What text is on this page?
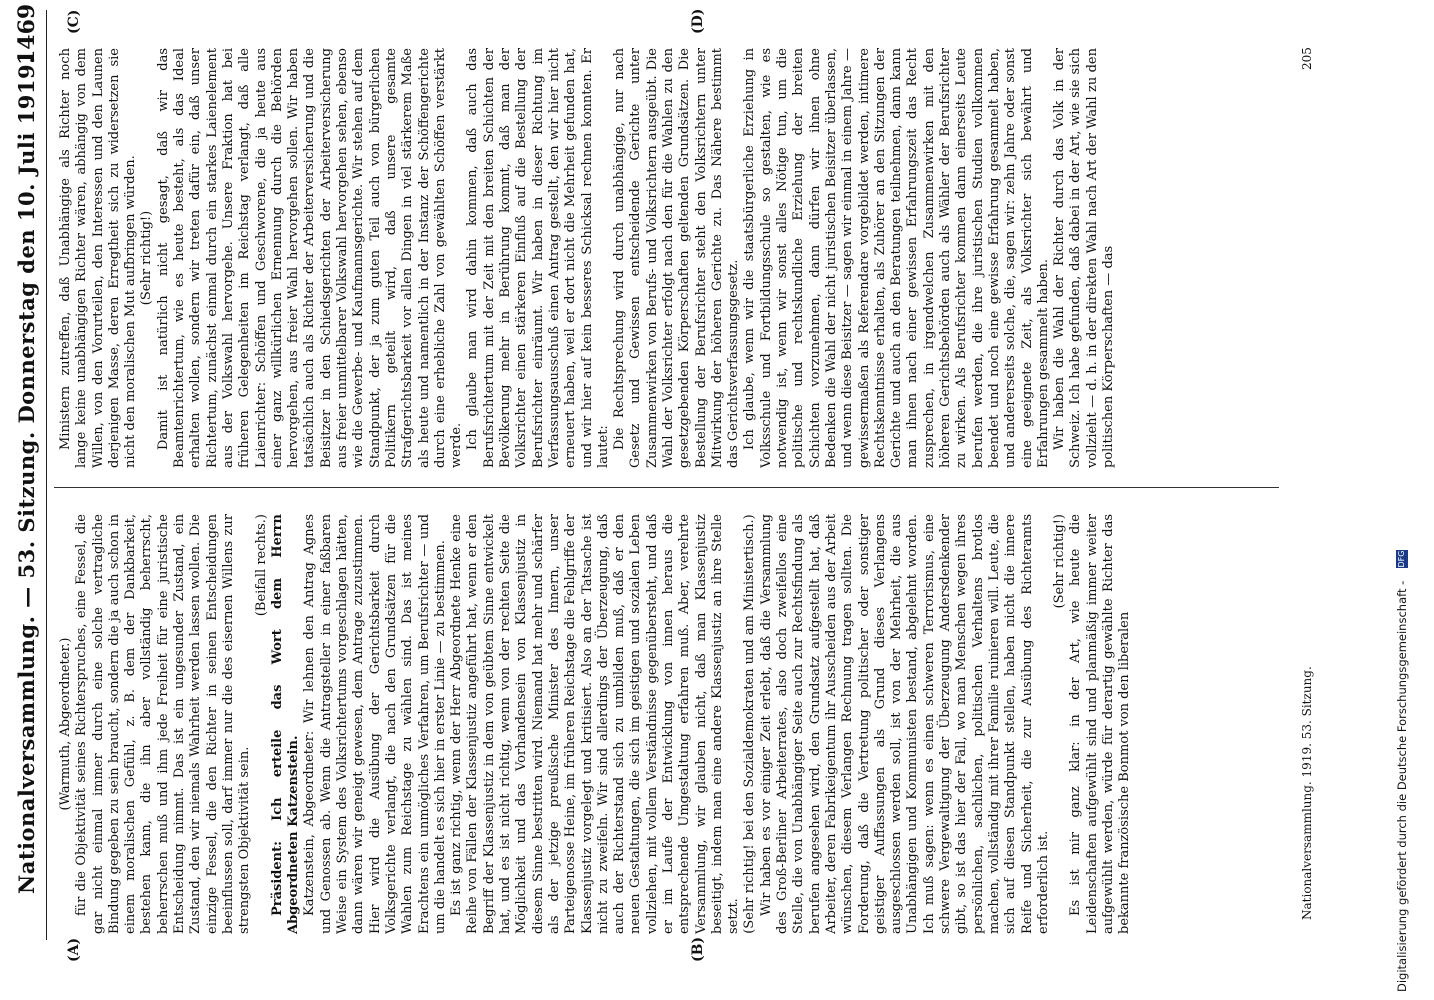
Nationalversammlung. — 53. Sitzung. Donnerstag den 10. Juli 1919.
1469
(A)	(B)
(C)	(D)

(Warmuth, Abgeordneter.) für die Objektivität seines Richterspruches, eine Fessel, die gar nicht einmal immer durch eine solche vertragliche Bindung gegeben zu sein braucht, sondern die ja auch schon in einem moralischen Gefühl, z. B. dem der Dankbarkeit, bestehen kann, die ihn aber vollständig beherrscht, beherrschen muß und ihm jede Freiheit für eine juristische Entscheidung nimmt. Das ist ein ungesunder Zustand, ein Zustand, den wir niemals Wahrheit werden lassen wollen. Die einzige Fessel, die den Richter in seinen Entscheidungen beeinflussen soll, darf immer nur die des eisernen Willens zur strengsten Objektivität sein.

(Beifall rechts.) Präsident: Ich erteile das Wort dem Herrn Abgeordneten Katzenstein. Katzenstein, Abgeordneter: Wir lehnen den Antrag Agnes und Genossen ab. Wenn die Antragsteller in einer faßbaren Weise ein System des Volksrichtertums vorgeschlagen hätten, dann wären wir geneigt gewesen, dem Antrage zuzustimmen. Hier wird die Ausübung der Gerichtsbarkeit durch Volksgerichte verlangt, die nach den Grundsätzen für die Wahlen zum Reichstage zu wählen sind. Das ist meines Erachtens ein unmögliches Verfahren, um Berufsrichter — und um die handelt es sich hier in erster Linie — zu bestimmen. Es ist ganz richtig, wenn der Herr Abgeordnete Henke eine Reihe von Fällen der Klassenjustiz angeführt hat, wenn er den Begriff der Klassenjustiz in dem von geübtem Sinne entwickelt hat, und es ist nicht richtig, wenn von der rechten Seite die Möglichkeit und das Vorhandensein von Klassenjustiz in diesem Sinne bestritten wird. Niemand hat mehr und schärfer als der jetzige preußische Minister des Innern, unser Parteigenosse Heine, im früheren Reichstage die Fehlgriffe der Klassenjustiz vorgelegt und kritisiert. Also an der Tatsache ist nicht zu zweifeln. Wir sind allerdings der Überzeugung, daß auch der Richterstand sich zu umbilden muß, daß er den neuen Gestaltungen, die sich im geistigen und sozialen Leben vollziehen, mit vollem Verständnisse gegenübersteht, und daß er im Laufe der Entwicklung von innen heraus die entsprechende Umgestaltung erfahren muß. Aber, verehrte Versammlung, wir glauben nicht, daß man Klassenjustiz beseitigt, indem man eine andere Klassenjustiz an ihre Stelle setzt. (Sehr richtig! bei den Sozialdemokraten und am Ministertisch.) Wir haben es vor einiger Zeit erlebt, daß die Versammlung des Groß-Berliner Arbeiterrates, also doch zweifellos eine Stelle, die von Unabhängiger Seite auch zur Rechtsfindung als berufen angesehen wird, den Grundsatz aufgestellt hat, daß Arbeiter, deren Fabrikeigentum ihr Ausscheiden aus der Arbeit wünschen, diesem Verlangen Rechnung tragen sollten. Die Forderung, daß die Vertretung politischer oder sonstiger geistiger Auffassungen als Grund dieses Verlangens ausgeschlossen werden soll, ist von der Mehrheit, die aus Unabhängigen und Kommunisten bestand, abgelehnt worden. Ich muß sagen: wenn es einen schweren Terrorismus, eine schwere Vergewaltigung der Überzeugung Andersdenkender gibt, so ist das hier der Fall, wo man Menschen wegen ihres persönlichen, sachlichen, politischen Verhaltens brotlos machen, vollständig mit ihrer Familie ruinieren will. Leute, die sich auf diesen Standpunkt stellen, haben nicht die innere Reife und Sicherheit, die zur Ausübung des Richteramts erforderlich ist.

(Sehr richtig!) Es ist mir ganz klar: in der Art, wie heute die Leidenschaften aufgewühlt sind und planmäßig immer weiter aufgewühlt werden, würde für derartig gewählte Richter das bekannte französische Bonmot von den liberalen

Ministern zutreffen, daß Unabhängige als Richter noch lange keine unabhängigen Richter wären, abhängig von dem Willen, von den Vorurteilen, den Interessen und den Launen derjenigen Masse, deren Erregtheit sich zu widersetzen sie nicht den moralischen Mut aufbringen würden. (Sehr richtig!) Damit ist natürlich nicht gesagt, daß wir das Beamtenrichtertum, wie es heute besteht, als das Ideal erhalten wollen, sondern wir treten dafür ein, daß unser Richtertum, zunächst einmal durch ein starkes Laienelement aus der Volkswahl hervorgehe. Unsere Fraktion hat bei früheren Gelegenheiten im Reichstag verlangt, daß alle Laienrichter: Schöffen und Geschworene, die ja heute aus einer ganz willkürlichen Ernennung durch die Behörden hervorgehen, aus freier Wahl hervorgehen sollen. Wir haben tatsächlich auch als Richter der Arbeiterversicherung und die Beisitzer in den Schiedsgerichten der Arbeiterversicherung aus freier unmittelbarer Volkswahl hervorgehen sehen, ebenso wie die Gewerbe- und Kaufmannsgerichte. Wir stehen auf dem Standpunkt, der ja zum guten Teil auch von bürgerlichen Politikern geteilt wird, daß unsere gesamte Strafgerichtsbarkeit vor allen Dingen in viel stärkerem Maße als heute und namentlich in der Instanz der Schöffengerichte durch eine erhebliche Zahl von gewählten Schöffen verstärkt werde. Ich glaube man wird dahin kommen, daß auch das Berufsrichtertum mit der Zeit mit den breiten Schichten der Bevölkerung mehr in Berührung kommt, daß man der Volksrichter einen stärkeren Einfluß auf die Bestellung der Berufsrichter einräumt. Wir haben in dieser Richtung im Verfassungsausschuß einen Antrag gestellt, den wir hier nicht erneuert haben, weil er dort nicht die Mehrheit gefunden hat, und wir hier auf kein besseres Schicksal rechnen konnten. Er lautet: Die Rechtsprechung wird durch unabhängige, nur nach Gesetz und Gewissen entscheidende Gerichte unter Zusammenwirken von Berufs- und Volksrichtern ausgeübt. Die Wahl der Volksrichter erfolgt nach den für die Wahlen zu den gesetzgebenden Körperschaften geltenden Grundsätzen. Die Bestellung der Berufsrichter steht den Volksrichtern unter Mitwirkung der höheren Gerichte zu. Das Nähere bestimmt das Gerichtsverfassungsgesetz. Ich glaube, wenn wir die staatsbürgerliche Erziehung in Volksschule und Fortbildungsschule so gestalten, wie es notwendig ist, wenn wir sonst alles Nötige tun, um die politische und rechtskundliche Erziehung der breiten Schichten vorzunehmen, dann dürfen wir ihnen ohne Bedenken die Wahl der nicht juristischen Beisitzer überlassen, und wenn diese Beisitzer — sagen wir einmal in einem Jahre — gewissermaßen als Referendare vorgebildet werden, intimere Rechtskenntnisse erhalten, als Zuhörer an den Sitzungen der Gerichte und auch an den Beratungen teilnehmen, dann kann man ihnen nach einer gewissen Erfahrungszeit das Recht zusprechen, in irgendwelchen Zusammenwirken mit den höheren Gerichtsbehörden auch als Wähler der Berufsrichter zu wirken. Als Berufsrichter kommen dann einerseits Leute berufen werden, die ihre juristischen Studien vollkommen beendet und noch eine gewisse Erfahrung gesammelt haben, und andererseits solche, die, sagen wir: zehn Jahre oder sonst eine geeignete Zeit, als Volksrichter sich bewährt und Erfahrungen gesammelt haben. Wir haben die Wahl der Richter durch das Volk in der Schweiz. Ich habe gefunden, daß dabei in der Art, wie sie sich vollzieht — d. h. in der direkten Wahl nach Art der Wahl zu den politischen Körperschaften — das

Nationalversammlung. 1919. 53. Sitzung.
205
Digitalisierung gefördert durch die Deutsche Forschungsgemeinschaft -
DFG
